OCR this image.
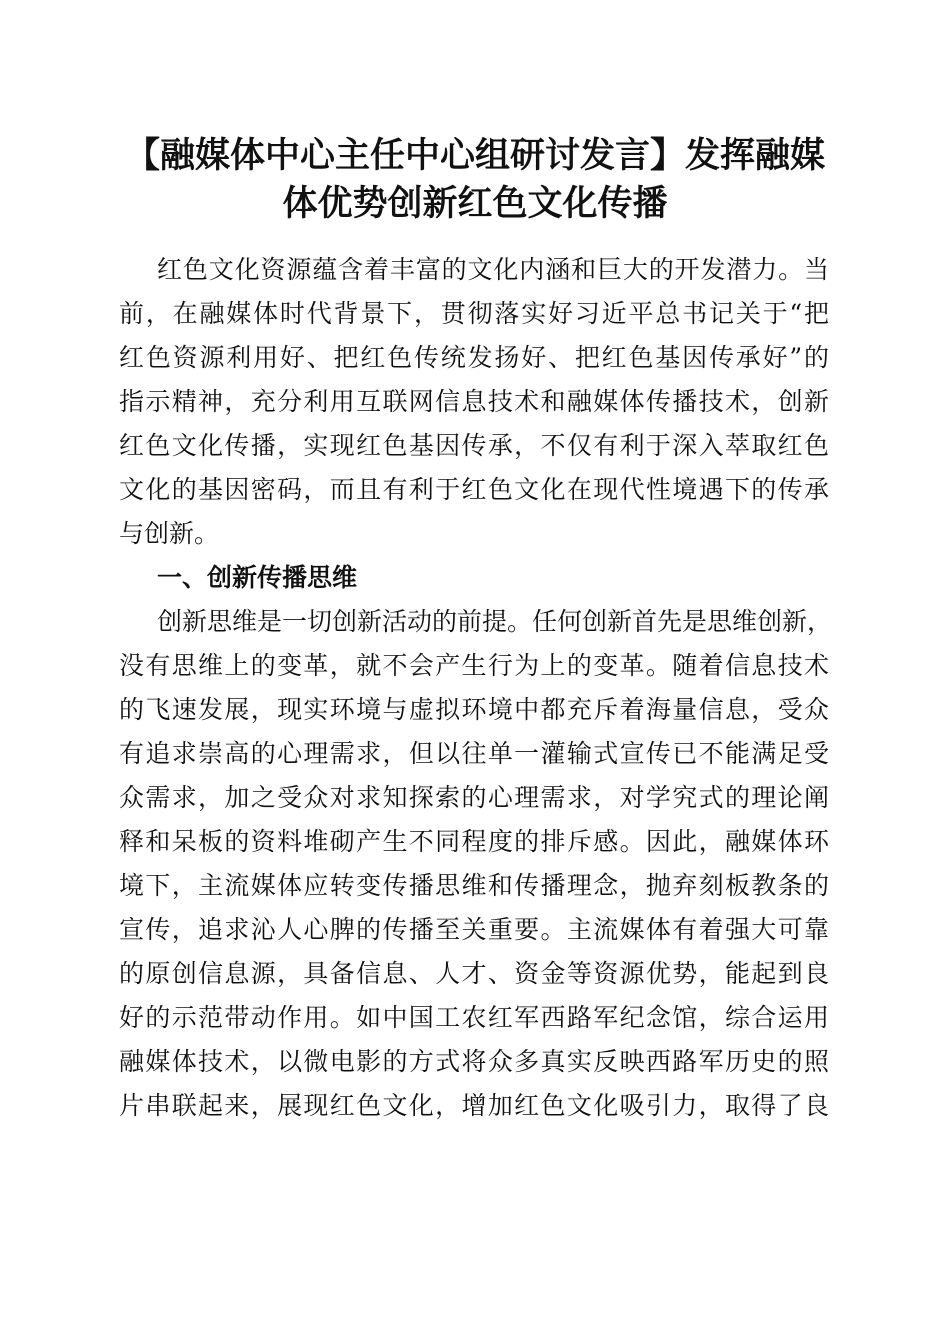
【融媒体中心主任中心组研讨发言】发挥融媒
体优势创新红色文化传播
红色文化资源蕴含着丰富的文化内涵和巨大的开发潜力。当
前，在融媒体时代背景下，贯彻落实好习近平总书记关于“把
红色资源利用好、把红色传统发扬好、把红色基因传承好”的
指示精神，充分利用互联网信息技术和融媒体传播技术，创新
红色文化传播，实现红色基因传承，不仅有利于深入萃取红色
文化的基因密码，而且有利于红色文化在现代性境遇下的传承
与创新。
一、创新传播思维
创新思维是一切创新活动的前提。任何创新首先是思维创新，
没有思维上的变革，就不会产生行为上的变革。随着信息技术
的飞速发展，现实环境与虚拟环境中都充斥着海量信息，受众
有追求崇高的心理需求，但以往单一灌输式宣传已不能满足受
众需求，加之受众对求知探索的心理需求，对学究式的理论阐
释和呆板的资料堆砌产生不同程度的排斥感。因此，融媒体环
境下，主流媒体应转变传播思维和传播理念，抛弃刻板教条的
宣传，追求沁人心脾的传播至关重要。主流媒体有着强大可靠
的原创信息源，具备信息、人才、资金等资源优势，能起到良
好的示范带动作用。如中国工农红军西路军纪念馆，综合运用
融媒体技术，以微电影的方式将众多真实反映西路军历史的照
片串联起来，展现红色文化，增加红色文化吸引力，取得了良
